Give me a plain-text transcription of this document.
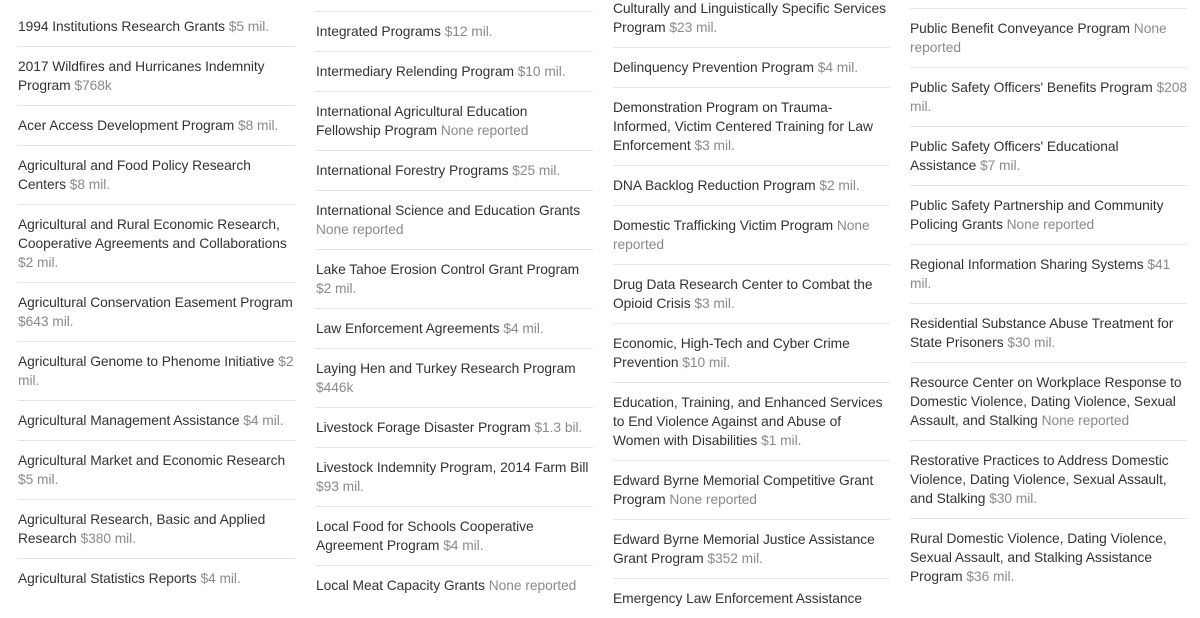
1994 Institutions Research Grants $5 mil.
2017 Wildfires and Hurricanes Indemnity Program $768k
Acer Access Development Program $8 mil.
Agricultural and Food Policy Research Centers $8 mil.
Agricultural and Rural Economic Research, Cooperative Agreements and Collaborations $2 mil.
Agricultural Conservation Easement Program $643 mil.
Agricultural Genome to Phenome Initiative $2 mil.
Agricultural Management Assistance $4 mil.
Agricultural Market and Economic Research $5 mil.
Agricultural Research, Basic and Applied Research $380 mil.
Agricultural Statistics Reports $4 mil.
Integrated Programs $12 mil.
Intermediary Relending Program $10 mil.
International Agricultural Education Fellowship Program None reported
International Forestry Programs $25 mil.
International Science and Education Grants None reported
Lake Tahoe Erosion Control Grant Program $2 mil.
Law Enforcement Agreements $4 mil.
Laying Hen and Turkey Research Program $446k
Livestock Forage Disaster Program $1.3 bil.
Livestock Indemnity Program, 2014 Farm Bill $93 mil.
Local Food for Schools Cooperative Agreement Program $4 mil.
Local Meat Capacity Grants None reported
Culturally and Linguistically Specific Services Program $23 mil.
Delinquency Prevention Program $4 mil.
Demonstration Program on Trauma-Informed, Victim Centered Training for Law Enforcement $3 mil.
DNA Backlog Reduction Program $2 mil.
Domestic Trafficking Victim Program None reported
Drug Data Research Center to Combat the Opioid Crisis $3 mil.
Economic, High-Tech and Cyber Crime Prevention $10 mil.
Education, Training, and Enhanced Services to End Violence Against and Abuse of Women with Disabilities $1 mil.
Edward Byrne Memorial Competitive Grant Program None reported
Edward Byrne Memorial Justice Assistance Grant Program $352 mil.
Emergency Law Enforcement Assistance
Public Benefit Conveyance Program None reported
Public Safety Officers' Benefits Program $208 mil.
Public Safety Officers' Educational Assistance $7 mil.
Public Safety Partnership and Community Policing Grants None reported
Regional Information Sharing Systems $41 mil.
Residential Substance Abuse Treatment for State Prisoners $30 mil.
Resource Center on Workplace Response to Domestic Violence, Dating Violence, Sexual Assault, and Stalking None reported
Restorative Practices to Address Domestic Violence, Dating Violence, Sexual Assault, and Stalking $30 mil.
Rural Domestic Violence, Dating Violence, Sexual Assault, and Stalking Assistance Program $36 mil.
